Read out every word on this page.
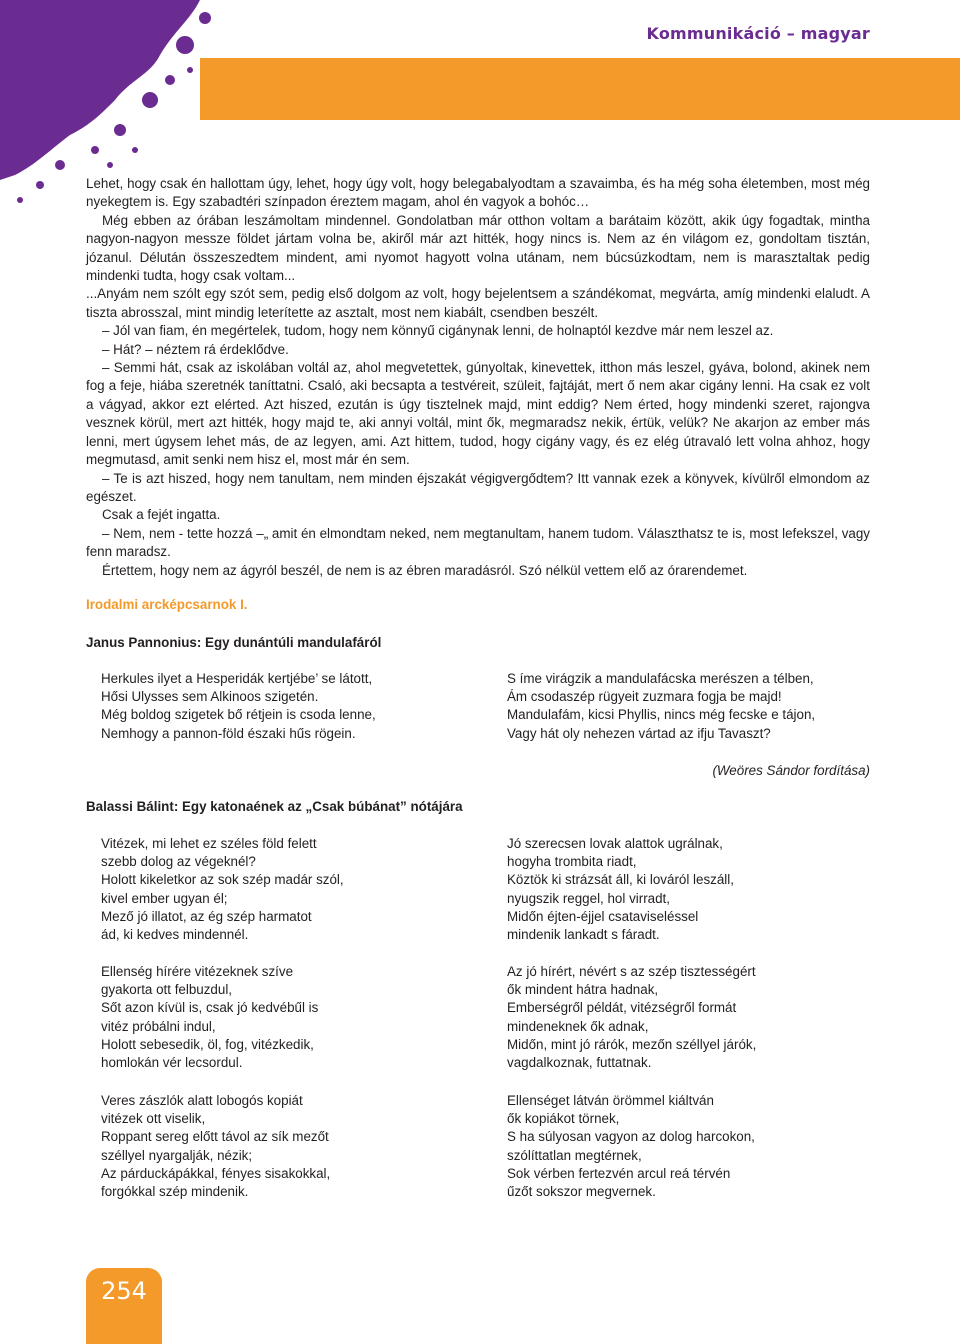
Kommunikáció – magyar

Lehet, hogy csak én hallottam úgy, lehet, hogy úgy volt, hogy belegabalyodtam a szavaimba, és ha még soha életemben, most még nyekegtem is. Egy szabadtéri színpadon éreztem magam, ahol én vagyok a bohóc…

Még ebben az órában leszámoltam mindennel. Gondolatban már otthon voltam a barátaim között, akik úgy fogadtak, mintha nagyon-nagyon messze földet jártam volna be, akiről már azt hitték, hogy nincs is. Nem az én világom ez, gondoltam tisztán, józanul. Délután összeszedtem mindent, ami nyomot hagyott volna utánam, nem búcsúzkodtam, nem is marasztaltak pedig mindenki tudta, hogy csak voltam...

...Anyám nem szólt egy szót sem, pedig első dolgom az volt, hogy bejelentsem a szándékomat, megvárta, amíg mindenki elaludt. A tiszta abrosszal, mint mindig leterítette az asztalt, most nem kiabált, csendben beszélt.

– Jól van fiam, én megértelek, tudom, hogy nem könnyű cigánynak lenni, de holnaptól kezdve már nem leszel az.

– Hát? – néztem rá érdeklődve.

– Semmi hát, csak az iskolában voltál az, ahol megvetettek, gúnyoltak, kinevettek, itthon más leszel, gyáva, bolond, akinek nem fog a feje, hiába szeretnék taníttatni. Csaló, aki becsapta a testvéreit, szüleit, fajtáját, mert ő nem akar cigány lenni. Ha csak ez volt a vágyad, akkor ezt elérted. Azt hiszed, ezután is úgy tisztelnek majd, mint eddig? Nem érted, hogy mindenki szeret, rajongva vesznek körül, mert azt hitték, hogy majd te, aki annyi voltál, mint ők, megmaradsz nekik, értük, velük? Ne akarjon az ember más lenni, mert úgysem lehet más, de az legyen, ami. Azt hittem, tudod, hogy cigány vagy, és ez elég útravaló lett volna ahhoz, hogy megmutasd, amit senki nem hisz el, most már én sem.

– Te is azt hiszed, hogy nem tanultam, nem minden éjszakát végigvergődtem? Itt vannak ezek a könyvek, kívülről elmondom az egészet.

Csak a fejét ingatta.

– Nem, nem - tette hozzá –„ amit én elmondtam neked, nem megtanultam, hanem tudom. Választhatsz te is, most lefekszel, vagy fenn maradsz.

Értettem, hogy nem az ágyról beszél, de nem is az ébren maradásról. Szó nélkül vettem elő az órarendemet.

Irodalmi arcképcsarnok I.
Janus Pannonius: Egy dunántúli mandulafáról
Herkules ilyet a Hesperidák kertjébe’ se látott,
Hősi Ulysses sem Alkinoos szigetén.
Még boldog szigetek bő rétjein is csoda lenne,
Nemhogy a pannon-föld északi hűs rögein.
S íme virágzik a mandulafácska merészen a télben,
Ám csodaszép rügyeit zuzmara fogja be majd!
Mandulafám, kicsi Phyllis, nincs még fecske e tájon,
Vagy hát oly nehezen vártad az ifju Tavaszt?
(Weöres Sándor fordítása)
Balassi Bálint: Egy katonaének az „Csak búbánat” nótájára
Vitézek, mi lehet ez széles föld felett
szebb dolog az végeknél?
Holott kikeletkor az sok szép madár szól,
kivel ember ugyan él;
Mező jó illatot, az ég szép harmatot
ád, ki kedves mindennél.
Jó szerecsen lovak alattok ugrálnak,
hogyha trombita riadt,
Köztök ki strázsát áll, ki lováról leszáll,
nyugszik reggel, hol virradt,
Midőn éjten-éjjel csataviseléssel
mindenik lankadt s fáradt.
Ellenség hírére vitézeknek szíve
gyakorta ott felbuzdul,
Sőt azon kívül is, csak jó kedvébűl is
vitéz próbálni indul,
Holott sebesedik, öl, fog, vitézkedik,
homlokán vér lecsordul.
Az jó hírért, névért s az szép tisztességért
ők mindent hátra hadnak,
Emberségről példát, vitézségről formát
mindeneknek ők adnak,
Midőn, mint jó rárók, mezőn széllyel járók,
vagdalkoznak, futtatnak.
Veres zászlók alatt lobogós kopiát
vitézek ott viselik,
Roppant sereg előtt távol az sík mezőt
széllyel nyargalják, nézik;
Az párduckápákkal, fényes sisakokkal,
forgókkal szép mindenik.
Ellenséget látván örömmel kiáltván
ők kopiákot törnek,
S ha súlyosan vagyon az dolog harcokon,
szólíttatlan megtérnek,
Sok vérben fertezvén arcul reá térvén
űzőt sokszor megvernek.
254
